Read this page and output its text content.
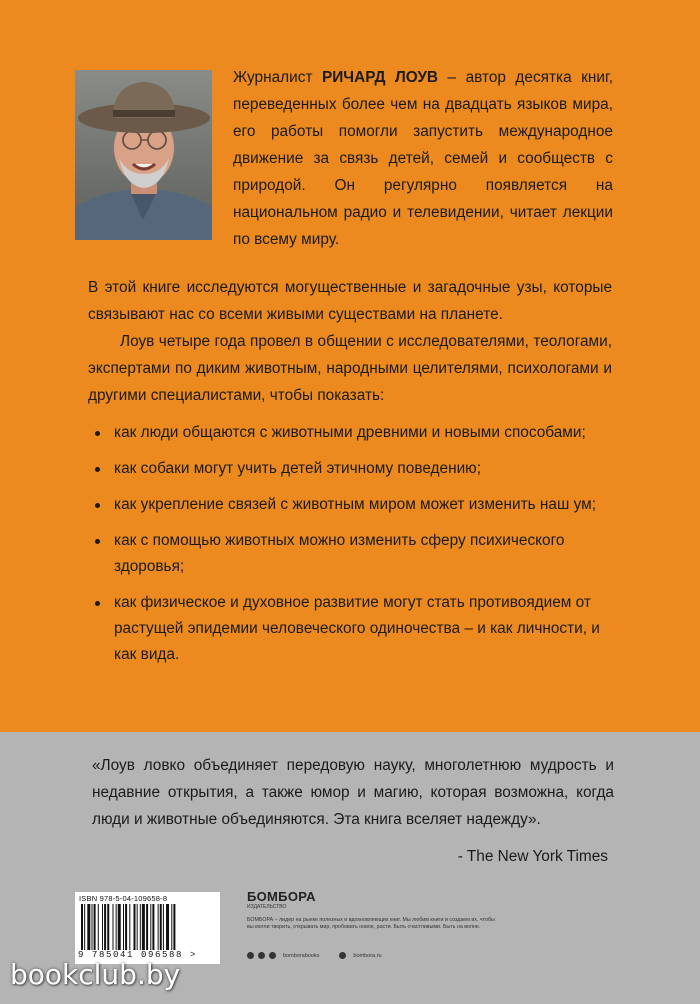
Журналист РИЧАРД ЛОУВ – автор десятка книг, переведенных более чем на двадцать языков мира, его работы помогли запустить международное движение за связь детей, семей и сообществ с природой. Он регулярно появляется на национальном радио и телевидении, читает лекции по всему миру.

В этой книге исследуются могущественные и загадочные узы, которые связывают нас со всеми живыми существами на планете.

Лоув четыре года провел в общении с исследователями, теологами, экспертами по диким животным, народными целителями, психологами и другими специалистами, чтобы показать:

как люди общаются с животными древними и новыми способами;
как собаки могут учить детей этичному поведению;
как укрепление связей с животным миром может изменить наш ум;
как с помощью животных можно изменить сферу психического здоровья;
как физическое и духовное развитие могут стать противоядием от растущей эпидемии человеческого одиночества – и как личности, и как вида.

«Лоув ловко объединяет передовую науку, многолетнюю мудрость и недавние открытия, а также юмор и магию, которая возможна, когда люди и животные объединяются. Эта книга вселяет надежду».

- The New York Times
ISBN 978-5-04-109658-8
9 785041 096588 >
БОМБОРА
ИЗДАТЕЛЬСТВО
БОМБОРА – лидер на рынке полезных и вдохновляющих книг. Мы любим книги и создаем их, чтобы вы могли творить, открывать мир, пробовать новое, расти. Быть счастливыми. Быть на волне.
bomborabooks	bombora.ru
bookclub.by
